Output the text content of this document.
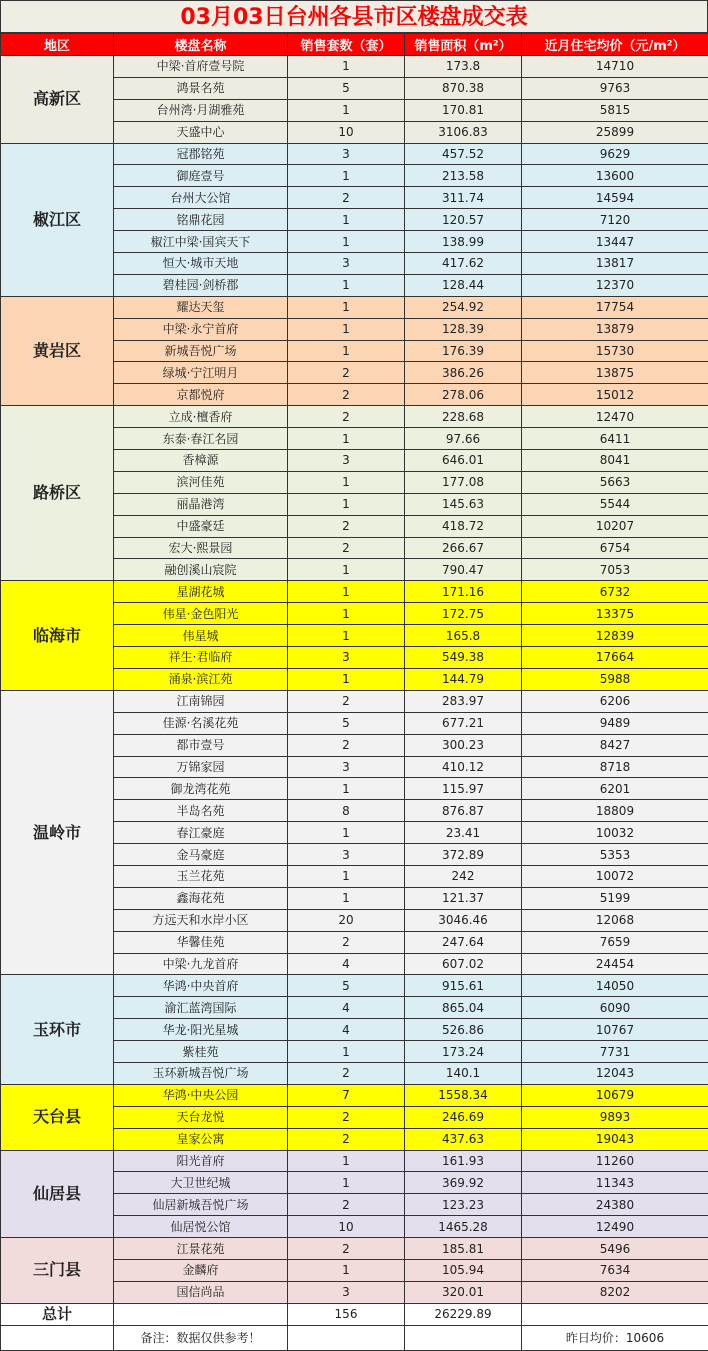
03月03日台州各县市区楼盘成交表
地区	楼盘名称	销售套数（套）	销售面积（m²）	近月住宅均价（元/m²）
高新区	中梁·首府壹号院	1	173.8	14710
	鸿景名苑	5	870.38	9763
	台州湾·月湖雅苑	1	170.81	5815
	天盛中心	10	3106.83	25899
椒江区	冠郡铭苑	3	457.52	9629
	御庭壹号	1	213.58	13600
	台州大公馆	2	311.74	14594
	铭鼎花园	1	120.57	7120
	椒江中梁·国宾天下	1	138.99	13447
	恒大·城市天地	3	417.62	13817
	碧桂园·剑桥郡	1	128.44	12370
黄岩区	耀达天玺	1	254.92	17754
	中梁·永宁首府	1	128.39	13879
	新城吾悦广场	1	176.39	15730
	绿城·宁江明月	2	386.26	13875
	京都悦府	2	278.06	15012
路桥区	立成·檀香府	2	228.68	12470
	东泰·春江名园	1	97.66	6411
	香樟源	3	646.01	8041
	滨河佳苑	1	177.08	5663
	丽晶港湾	1	145.63	5544
	中盛豪廷	2	418.72	10207
	宏大·熙景园	2	266.67	6754
	融创溪山宸院	1	790.47	7053
临海市	星湖花城	1	171.16	6732
	伟星·金色阳光	1	172.75	13375
	伟星城	1	165.8	12839
	祥生·君临府	3	549.38	17664
	涌泉·滨江苑	1	144.79	5988
温岭市	江南锦园	2	283.97	6206
	佳源·名溪花苑	5	677.21	9489
	都市壹号	2	300.23	8427
	万锦家园	3	410.12	8718
	御龙湾花苑	1	115.97	6201
	半岛名苑	8	876.87	18809
	春江豪庭	1	23.41	10032
	金马豪庭	3	372.89	5353
	玉兰花苑	1	242	10072
	鑫海花苑	1	121.37	5199
	方远天和水岸小区	20	3046.46	12068
	华馨佳苑	2	247.64	7659
	中梁·九龙首府	4	607.02	24454
玉环市	华鸿·中央首府	5	915.61	14050
	渝汇蓝湾国际	4	865.04	6090
	华龙·阳光星城	4	526.86	10767
	紫桂苑	1	173.24	7731
	玉环新城吾悦广场	2	140.1	12043
天台县	华鸿·中央公园	7	1558.34	10679
	天台龙悦	2	246.69	9893
	皇家公寓	2	437.63	19043
仙居县	阳光首府	1	161.93	11260
	大卫世纪城	1	369.92	11343
	仙居新城吾悦广场	2	123.23	24380
	仙居悦公馆	10	1465.28	12490
三门县	江景花苑	2	185.81	5496
	金麟府	1	105.94	7634
	国信尚品	3	320.01	8202
总计		156	26229.89	
	备注：数据仅供参考！			昨日均价：10606
